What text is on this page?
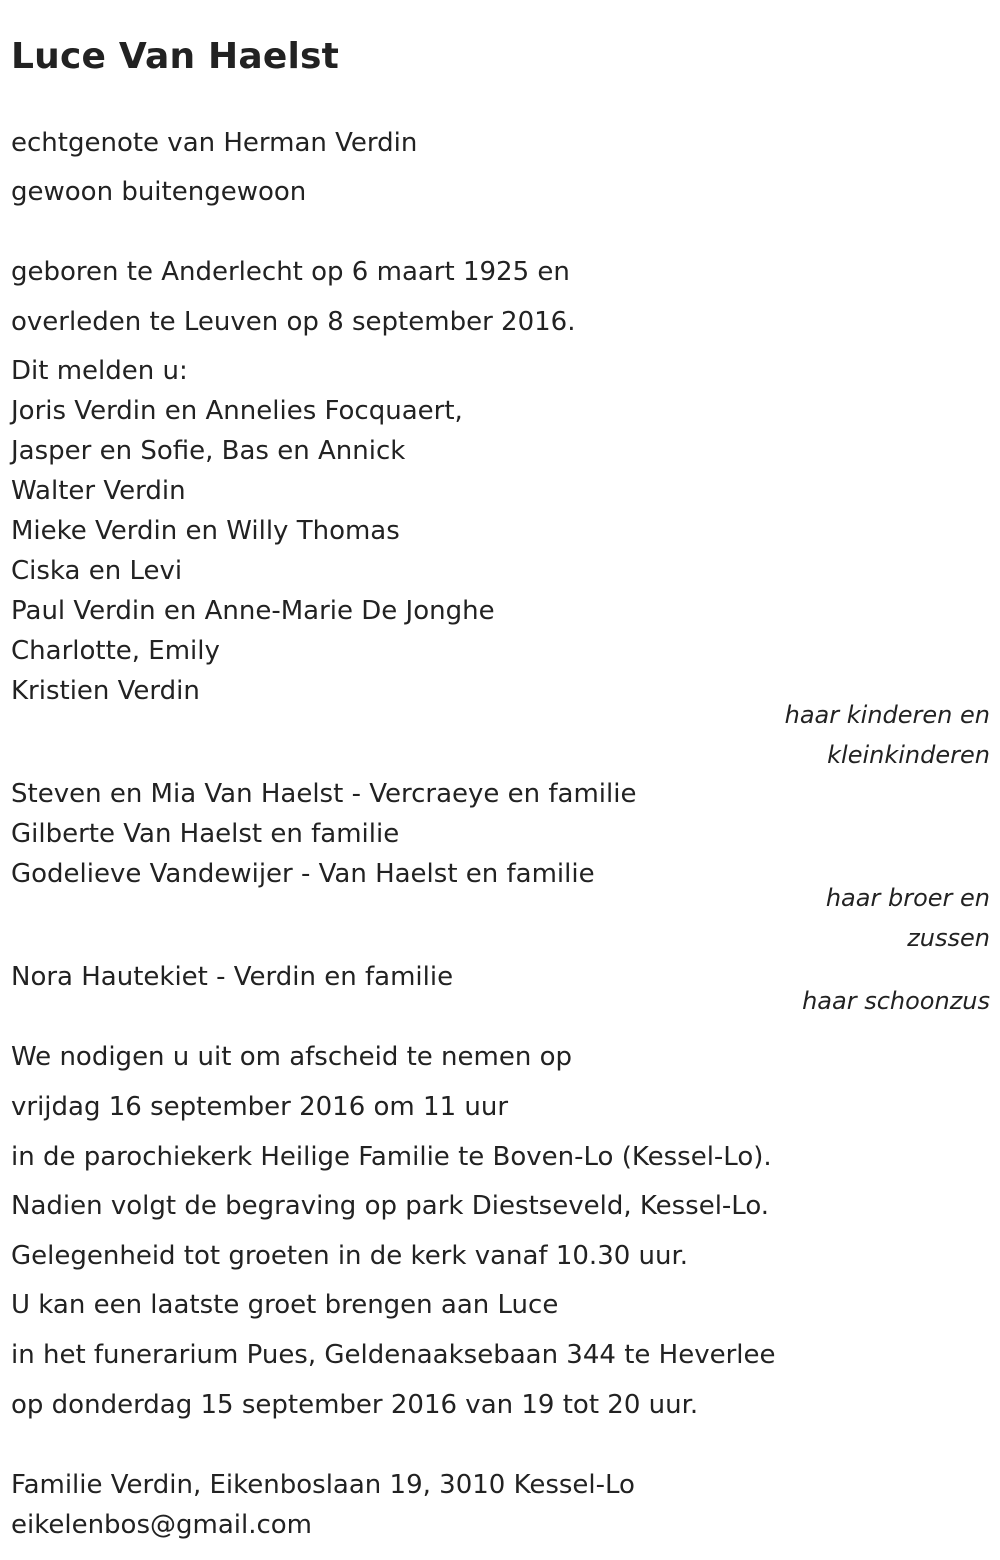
Luce Van Haelst
echtgenote van Herman Verdin
gewoon buitengewoon
geboren te Anderlecht op 6 maart 1925 en
overleden te Leuven op 8 september 2016.
Dit melden u:
Joris Verdin en Annelies Focquaert,
Jasper en Sofie, Bas en Annick
Walter Verdin
Mieke Verdin en Willy Thomas
Ciska en Levi
Paul Verdin en Anne-Marie De Jonghe
Charlotte, Emily
Kristien Verdin
haar kinderen en
kleinkinderen
Steven en Mia Van Haelst - Vercraeye en familie
Gilberte Van Haelst en familie
Godelieve Vandewijer - Van Haelst en familie
haar broer en
zussen
Nora Hautekiet - Verdin en familie
haar schoonzus
We nodigen u uit om afscheid te nemen op
vrijdag 16 september 2016 om 11 uur
in de parochiekerk Heilige Familie te Boven-Lo (Kessel-Lo).
Nadien volgt de begraving op park Diestseveld, Kessel-Lo.
Gelegenheid tot groeten in de kerk vanaf 10.30 uur.
U kan een laatste groet brengen aan Luce
in het funerarium Pues, Geldenaaksebaan 344 te Heverlee
op donderdag 15 september 2016 van 19 tot 20 uur.
Familie Verdin, Eikenboslaan 19, 3010 Kessel-Lo
eikelenbos@gmail.com
